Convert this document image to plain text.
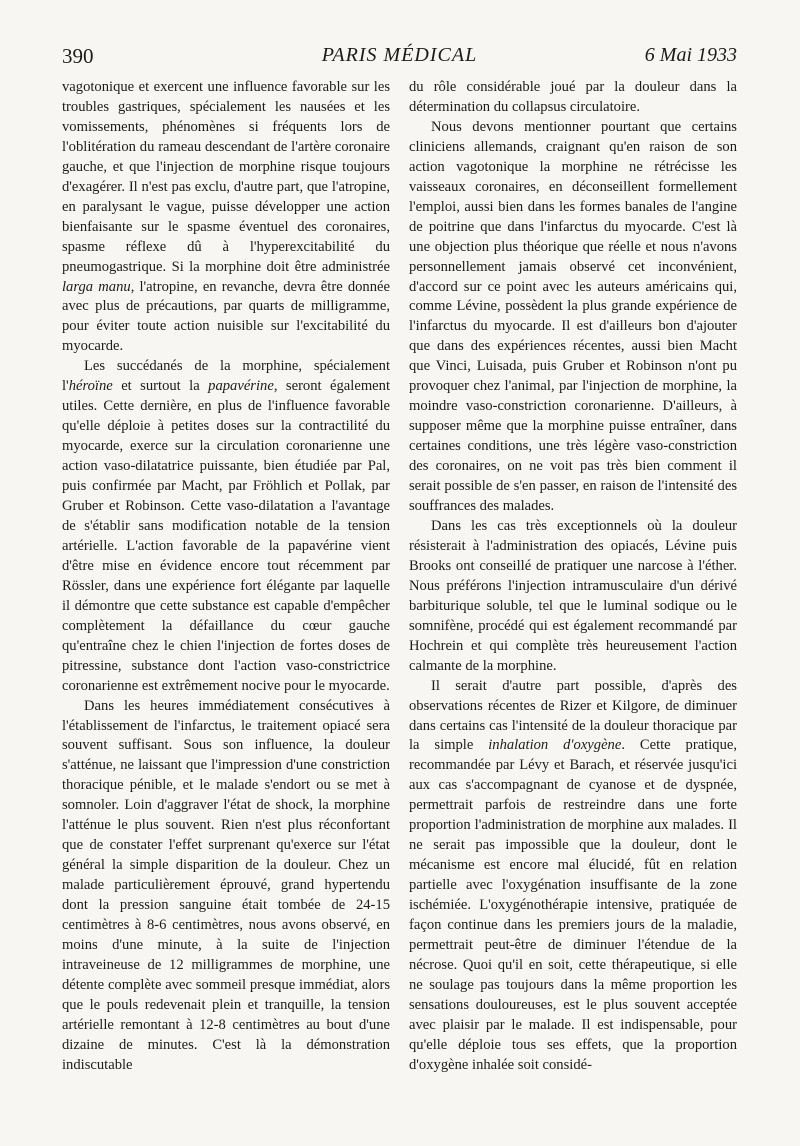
390	PARIS MÉDICAL	6 Mai 1933

vagotonique et exercent une influence favorable sur les troubles gastriques, spécialement les nausées et les vomissements, phénomènes si fréquents lors de l'oblitération du rameau descendant de l'artère coronaire gauche, et que l'injection de morphine risque toujours d'exagérer. Il n'est pas exclu, d'autre part, que l'atropine, en paralysant le vague, puisse développer une action bienfaisante sur le spasme éventuel des coronaires, spasme réflexe dû à l'hyperexcitabilité du pneumogastrique. Si la morphine doit être administrée larga manu, l'atropine, en revanche, devra être donnée avec plus de précautions, par quarts de milligramme, pour éviter toute action nuisible sur l'excitabilité du myocarde.

Les succédanés de la morphine, spécialement l'héroïne et surtout la papavérine, seront également utiles. Cette dernière, en plus de l'influence favorable qu'elle déploie à petites doses sur la contractilité du myocarde, exerce sur la circulation coronarienne une action vaso-dilatatrice puissante, bien étudiée par Pal, puis confirmée par Macht, par Fröhlich et Pollak, par Gruber et Robinson. Cette vaso-dilatation a l'avantage de s'établir sans modification notable de la tension artérielle. L'action favorable de la papavérine vient d'être mise en évidence encore tout récemment par Rössler, dans une expérience fort élégante par laquelle il démontre que cette substance est capable d'empêcher complètement la défaillance du cœur gauche qu'entraîne chez le chien l'injection de fortes doses de pitressine, substance dont l'action vaso-constrictrice coronarienne est extrêmement nocive pour le myocarde.

Dans les heures immédiatement consécutives à l'établissement de l'infarctus, le traitement opiacé sera souvent suffisant. Sous son influence, la douleur s'atténue, ne laissant que l'impression d'une constriction thoracique pénible, et le malade s'endort ou se met à somnoler. Loin d'aggraver l'état de shock, la morphine l'atténue le plus souvent. Rien n'est plus réconfortant que de constater l'effet surprenant qu'exerce sur l'état général la simple disparition de la douleur. Chez un malade particulièrement éprouvé, grand hypertendu dont la pression sanguine était tombée de 24-15 centimètres à 8-6 centimètres, nous avons observé, en moins d'une minute, à la suite de l'injection intraveineuse de 12 milligrammes de morphine, une détente complète avec sommeil presque immédiat, alors que le pouls redevenait plein et tranquille, la tension artérielle remontant à 12-8 centimètres au bout d'une dizaine de minutes. C'est là la démonstration indiscutable

du rôle considérable joué par la douleur dans la détermination du collapsus circulatoire.

Nous devons mentionner pourtant que certains cliniciens allemands, craignant qu'en raison de son action vagotonique la morphine ne rétrécisse les vaisseaux coronaires, en déconseillent formellement l'emploi, aussi bien dans les formes banales de l'angine de poitrine que dans l'infarctus du myocarde. C'est là une objection plus théorique que réelle et nous n'avons personnellement jamais observé cet inconvénient, d'accord sur ce point avec les auteurs américains qui, comme Lévine, possèdent la plus grande expérience de l'infarctus du myocarde. Il est d'ailleurs bon d'ajouter que dans des expériences récentes, aussi bien Macht que Vinci, Luisada, puis Gruber et Robinson n'ont pu provoquer chez l'animal, par l'injection de morphine, la moindre vaso-constriction coronarienne. D'ailleurs, à supposer même que la morphine puisse entraîner, dans certaines conditions, une très légère vaso-constriction des coronaires, on ne voit pas très bien comment il serait possible de s'en passer, en raison de l'intensité des souffrances des malades.

Dans les cas très exceptionnels où la douleur résisterait à l'administration des opiacés, Lévine puis Brooks ont conseillé de pratiquer une narcose à l'éther. Nous préférons l'injection intramusculaire d'un dérivé barbiturique soluble, tel que le luminal sodique ou le somnifène, procédé qui est également recommandé par Hochrein et qui complète très heureusement l'action calmante de la morphine.

Il serait d'autre part possible, d'après des observations récentes de Rizer et Kilgore, de diminuer dans certains cas l'intensité de la douleur thoracique par la simple inhalation d'oxygène. Cette pratique, recommandée par Lévy et Barach, et réservée jusqu'ici aux cas s'accompagnant de cyanose et de dyspnée, permettrait parfois de restreindre dans une forte proportion l'administration de morphine aux malades. Il ne serait pas impossible que la douleur, dont le mécanisme est encore mal élucidé, fût en relation partielle avec l'oxygénation insuffisante de la zone ischémiée. L'oxygénothérapie intensive, pratiquée de façon continue dans les premiers jours de la maladie, permettrait peut-être de diminuer l'étendue de la nécrose. Quoi qu'il en soit, cette thérapeutique, si elle ne soulage pas toujours dans la même proportion les sensations douloureuses, est le plus souvent acceptée avec plaisir par le malade. Il est indispensable, pour qu'elle déploie tous ses effets, que la proportion d'oxygène inhalée soit considé-
